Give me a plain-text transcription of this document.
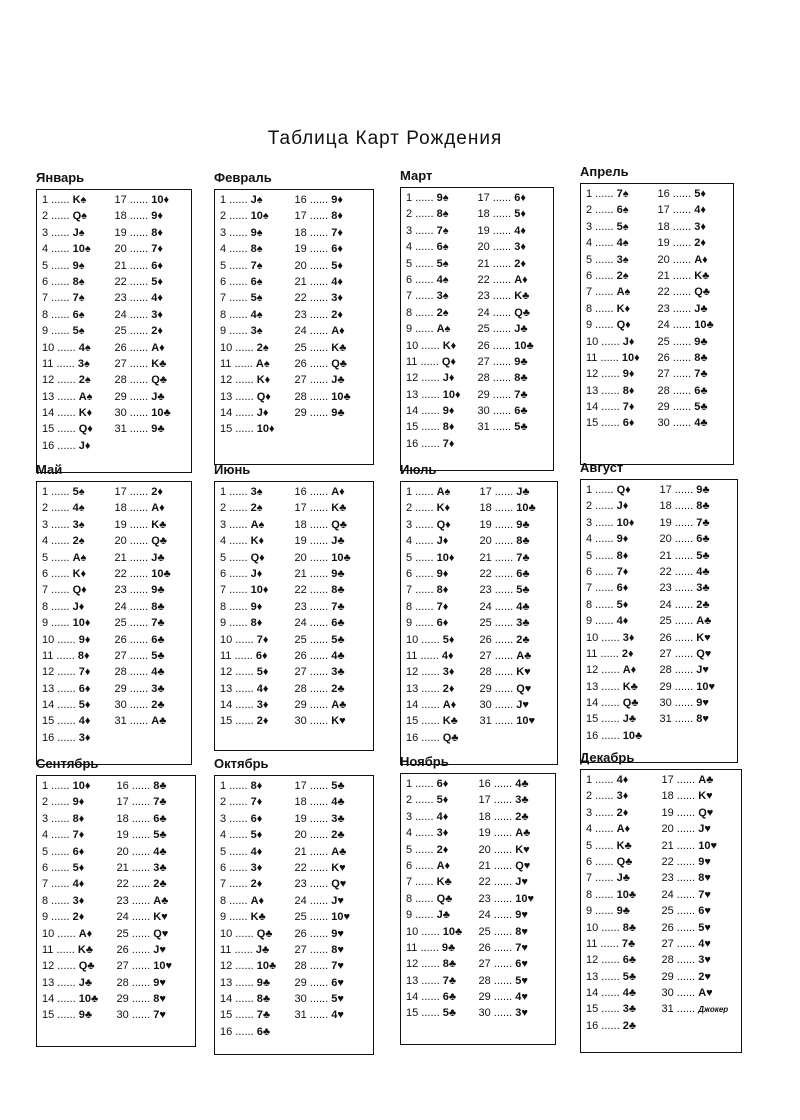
Таблица Карт Рождения
Январь
1 ...... K♠
2 ...... Q♠
3 ...... J♠
4 ...... 10♠
5 ...... 9♠
6 ...... 8♠
7 ...... 7♠
8 ...... 6♠
9 ...... 5♠
10 ...... 4♠
11 ...... 3♠
12 ...... 2♠
13 ...... A♠
14 ...... K♦
15 ...... Q♦
16 ...... J♦
17 ...... 10♦
18 ...... 9♦
19 ...... 8♦
20 ...... 7♦
21 ...... 6♦
22 ...... 5♦
23 ...... 4♦
24 ...... 3♦
25 ...... 2♦
26 ...... A♦
27 ...... K♣
28 ...... Q♣
29 ...... J♣
30 ...... 10♣
31 ...... 9♣
Февраль
1 ...... J♠
2 ...... 10♠
3 ...... 9♠
4 ...... 8♠
5 ...... 7♠
6 ...... 6♠
7 ...... 5♠
8 ...... 4♠
9 ...... 3♠
10 ...... 2♠
11 ...... A♠
12 ...... K♦
13 ...... Q♦
14 ...... J♦
15 ...... 10♦
16 ...... 9♦
17 ...... 8♦
18 ...... 7♦
19 ...... 6♦
20 ...... 5♦
21 ...... 4♦
22 ...... 3♦
23 ...... 2♦
24 ...... A♦
25 ...... K♣
26 ...... Q♣
27 ...... J♣
28 ...... 10♣
29 ...... 9♣
Март
1 ...... 9♠
2 ...... 8♠
3 ...... 7♠
4 ...... 6♠
5 ...... 5♠
6 ...... 4♠
7 ...... 3♠
8 ...... 2♠
9 ...... A♠
10 ...... K♦
11 ...... Q♦
12 ...... J♦
13 ...... 10♦
14 ...... 9♦
15 ...... 8♦
16 ...... 7♦
17 ...... 6♦
18 ...... 5♦
19 ...... 4♦
20 ...... 3♦
21 ...... 2♦
22 ...... A♦
23 ...... K♣
24 ...... Q♣
25 ...... J♣
26 ...... 10♣
27 ...... 9♣
28 ...... 8♣
29 ...... 7♣
30 ...... 6♣
31 ...... 5♣
Апрель
1 ...... 7♠
2 ...... 6♠
3 ...... 5♠
4 ...... 4♠
5 ...... 3♠
6 ...... 2♠
7 ...... A♠
8 ...... K♦
9 ...... Q♦
10 ...... J♦
11 ...... 10♦
12 ...... 9♦
13 ...... 8♦
14 ...... 7♦
15 ...... 6♦
16 ...... 5♦
17 ...... 4♦
18 ...... 3♦
19 ...... 2♦
20 ...... A♦
21 ...... K♣
22 ...... Q♣
23 ...... J♣
24 ...... 10♣
25 ...... 9♣
26 ...... 8♣
27 ...... 7♣
28 ...... 6♣
29 ...... 5♣
30 ...... 4♣
Май
1 ...... 5♠
2 ...... 4♠
3 ...... 3♠
4 ...... 2♠
5 ...... A♠
6 ...... K♦
7 ...... Q♦
8 ...... J♦
9 ...... 10♦
10 ...... 9♦
11 ...... 8♦
12 ...... 7♦
13 ...... 6♦
14 ...... 5♦
15 ...... 4♦
16 ...... 3♦
17 ...... 2♦
18 ...... A♦
19 ...... K♣
20 ...... Q♣
21 ...... J♣
22 ...... 10♣
23 ...... 9♣
24 ...... 8♣
25 ...... 7♣
26 ...... 6♣
27 ...... 5♣
28 ...... 4♣
29 ...... 3♣
30 ...... 2♣
31 ...... A♣
Июнь
1 ...... 3♠
2 ...... 2♠
3 ...... A♠
4 ...... K♦
5 ...... Q♦
6 ...... J♦
7 ...... 10♦
8 ...... 9♦
9 ...... 8♦
10 ...... 7♦
11 ...... 6♦
12 ...... 5♦
13 ...... 4♦
14 ...... 3♦
15 ...... 2♦
16 ...... A♦
17 ...... K♣
18 ...... Q♣
19 ...... J♣
20 ...... 10♣
21 ...... 9♣
22 ...... 8♣
23 ...... 7♣
24 ...... 6♣
25 ...... 5♣
26 ...... 4♣
27 ...... 3♣
28 ...... 2♣
29 ...... A♣
30 ...... K♥
Июль
1 ...... A♠
2 ...... K♦
3 ...... Q♦
4 ...... J♦
5 ...... 10♦
6 ...... 9♦
7 ...... 8♦
8 ...... 7♦
9 ...... 6♦
10 ...... 5♦
11 ...... 4♦
12 ...... 3♦
13 ...... 2♦
14 ...... A♦
15 ...... K♣
16 ...... Q♣
17 ...... J♣
18 ...... 10♣
19 ...... 9♣
20 ...... 8♣
21 ...... 7♣
22 ...... 6♣
23 ...... 5♣
24 ...... 4♣
25 ...... 3♣
26 ...... 2♣
27 ...... A♣
28 ...... K♥
29 ...... Q♥
30 ...... J♥
31 ...... 10♥
Август
1 ...... Q♦
2 ...... J♦
3 ...... 10♦
4 ...... 9♦
5 ...... 8♦
6 ...... 7♦
7 ...... 6♦
8 ...... 5♦
9 ...... 4♦
10 ...... 3♦
11 ...... 2♦
12 ...... A♦
13 ...... K♣
14 ...... Q♣
15 ...... J♣
16 ...... 10♣
17 ...... 9♣
18 ...... 8♣
19 ...... 7♣
20 ...... 6♣
21 ...... 5♣
22 ...... 4♣
23 ...... 3♣
24 ...... 2♣
25 ...... A♣
26 ...... K♥
27 ...... Q♥
28 ...... J♥
29 ...... 10♥
30 ...... 9♥
31 ...... 8♥
Сентябрь
1 ...... 10♦
2 ...... 9♦
3 ...... 8♦
4 ...... 7♦
5 ...... 6♦
6 ...... 5♦
7 ...... 4♦
8 ...... 3♦
9 ...... 2♦
10 ...... A♦
11 ...... K♣
12 ...... Q♣
13 ...... J♣
14 ...... 10♣
15 ...... 9♣
16 ...... 8♣
17 ...... 7♣
18 ...... 6♣
19 ...... 5♣
20 ...... 4♣
21 ...... 3♣
22 ...... 2♣
23 ...... A♣
24 ...... K♥
25 ...... Q♥
26 ...... J♥
27 ...... 10♥
28 ...... 9♥
29 ...... 8♥
30 ...... 7♥
Октябрь
1 ...... 8♦
2 ...... 7♦
3 ...... 6♦
4 ...... 5♦
5 ...... 4♦
6 ...... 3♦
7 ...... 2♦
8 ...... A♦
9 ...... K♣
10 ...... Q♣
11 ...... J♣
12 ...... 10♣
13 ...... 9♣
14 ...... 8♣
15 ...... 7♣
16 ...... 6♣
17 ...... 5♣
18 ...... 4♣
19 ...... 3♣
20 ...... 2♣
21 ...... A♣
22 ...... K♥
23 ...... Q♥
24 ...... J♥
25 ...... 10♥
26 ...... 9♥
27 ...... 8♥
28 ...... 7♥
29 ...... 6♥
30 ...... 5♥
31 ...... 4♥
Ноябрь
1 ...... 6♦
2 ...... 5♦
3 ...... 4♦
4 ...... 3♦
5 ...... 2♦
6 ...... A♦
7 ...... K♣
8 ...... Q♣
9 ...... J♣
10 ...... 10♣
11 ...... 9♣
12 ...... 8♣
13 ...... 7♣
14 ...... 6♣
15 ...... 5♣
16 ...... 4♣
17 ...... 3♣
18 ...... 2♣
19 ...... A♣
20 ...... K♥
21 ...... Q♥
22 ...... J♥
23 ...... 10♥
24 ...... 9♥
25 ...... 8♥
26 ...... 7♥
27 ...... 6♥
28 ...... 5♥
29 ...... 4♥
30 ...... 3♥
Декабрь
1 ...... 4♦
2 ...... 3♦
3 ...... 2♦
4 ...... A♦
5 ...... K♣
6 ...... Q♣
7 ...... J♣
8 ...... 10♣
9 ...... 9♣
10 ...... 8♣
11 ...... 7♣
12 ...... 6♣
13 ...... 5♣
14 ...... 4♣
15 ...... 3♣
16 ...... 2♣
17 ...... A♣
18 ...... K♥
19 ...... Q♥
20 ...... J♥
21 ...... 10♥
22 ...... 9♥
23 ...... 8♥
24 ...... 7♥
25 ...... 6♥
26 ...... 5♥
27 ...... 4♥
28 ...... 3♥
29 ...... 2♥
30 ...... A♥
31 ...... Джокер
